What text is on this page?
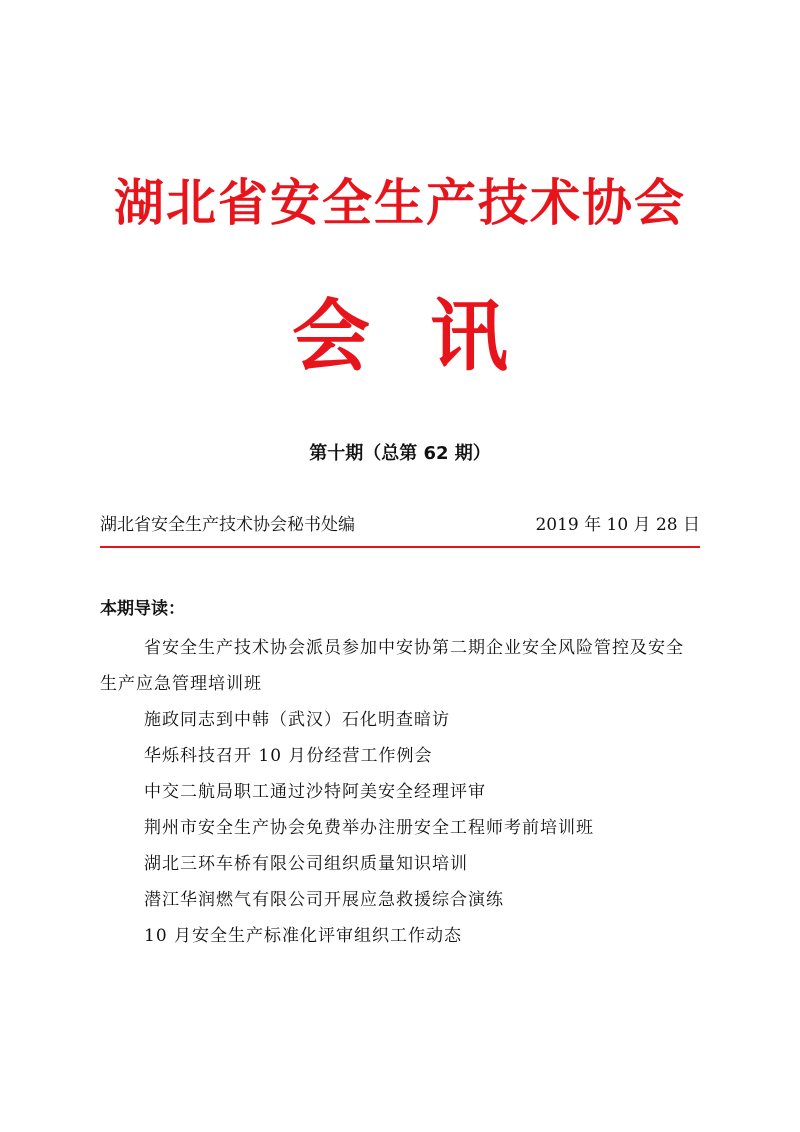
湖北省安全生产技术协会
会讯
第十期（总第 62 期）
湖北省安全生产技术协会秘书处编	2019 年 10 月 28 日
本期导读：
省安全生产技术协会派员参加中安协第二期企业安全风险管控及安全生产应急管理培训班
施政同志到中韩（武汉）石化明查暗访
华烁科技召开 10 月份经营工作例会
中交二航局职工通过沙特阿美安全经理评审
荆州市安全生产协会免费举办注册安全工程师考前培训班
湖北三环车桥有限公司组织质量知识培训
潜江华润燃气有限公司开展应急救援综合演练
10 月安全生产标准化评审组织工作动态
